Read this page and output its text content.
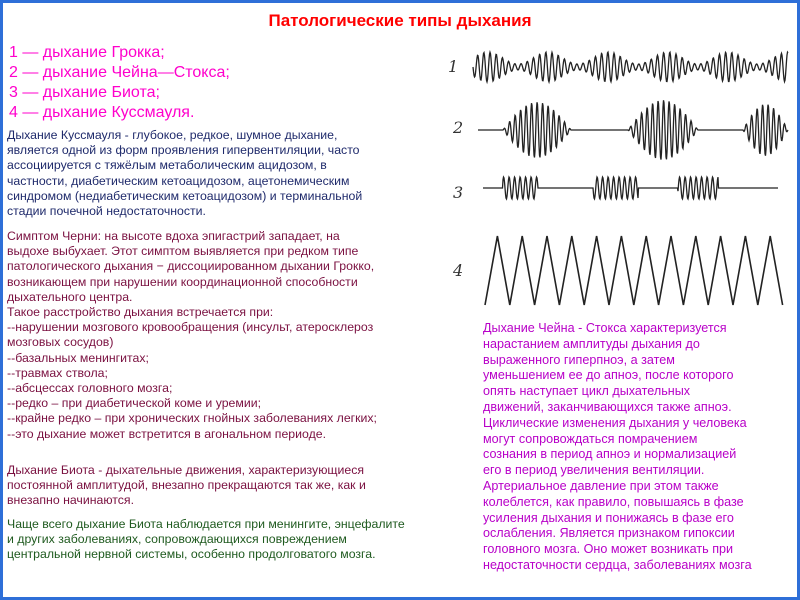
Патологические типы дыхания
1 — дыхание Грокка;
2 — дыхание Чейна—Стокса;
3 — дыхание Биота;
4 — дыхание Куссмауля.
Дыхание Куссмауля - глубокое, редкое, шумное дыхание,
является одной из форм проявления гипервентиляции, часто
ассоциируется с тяжёлым метаболическим ацидозом, в
частности, диабетическим кетоацидозом, ацетонемическим
синдромом (недиабетическим кетоацидозом) и терминальной
стадии почечной недостаточности.
Симптом Черни: на высоте вдоха эпигастрий западает, на
выдохе выбухает. Этот симптом выявляется при редком типе
патологического дыхания − диссоциированном дыхании Грокко,
возникающем при нарушении координационной способности
дыхательного центра.
Такое расстройство дыхания встречается при:
--нарушении мозгового кровообращения (инсульт, атеросклероз
мозговых сосудов)
--базальных менингитах;
--травмах ствола;
--абсцессах головного мозга;
--редко – при диабетической коме и уремии;
--крайне редко – при хронических гнойных заболеваниях легких;
--это дыхание может встретится в агональном периоде.
Дыхание Биота - дыхательные движения, характеризующиеся
постоянной амплитудой, внезапно прекращаются так же, как и
внезапно начинаются.
Чаще всего дыхание Биота наблюдается при менингите, энцефалите
и других заболеваниях, сопровождающихся повреждением
центральной нервной системы, особенно продолговатого мозга.
Дыхание Чейна - Стокса характеризуется
нарастанием амплитуды дыхания до
выраженного гиперпноэ, а затем
уменьшением ее до апноэ, после которого
опять наступает цикл дыхательных
движений, заканчивающихся также апноэ.
Циклические изменения дыхания у человека
могут сопровождаться помрачением
сознания в период апноэ и нормализацией
его в период увеличения вентиляции.
Артериальное давление при этом также
колеблется, как правило, повышаясь в фазе
усиления дыхания и понижаясь в фазе его
ослабления. Является признаком гипоксии
головного мозга. Оно может возникать при
недостаточности сердца, заболеваниях мозга
1
2
3
4
